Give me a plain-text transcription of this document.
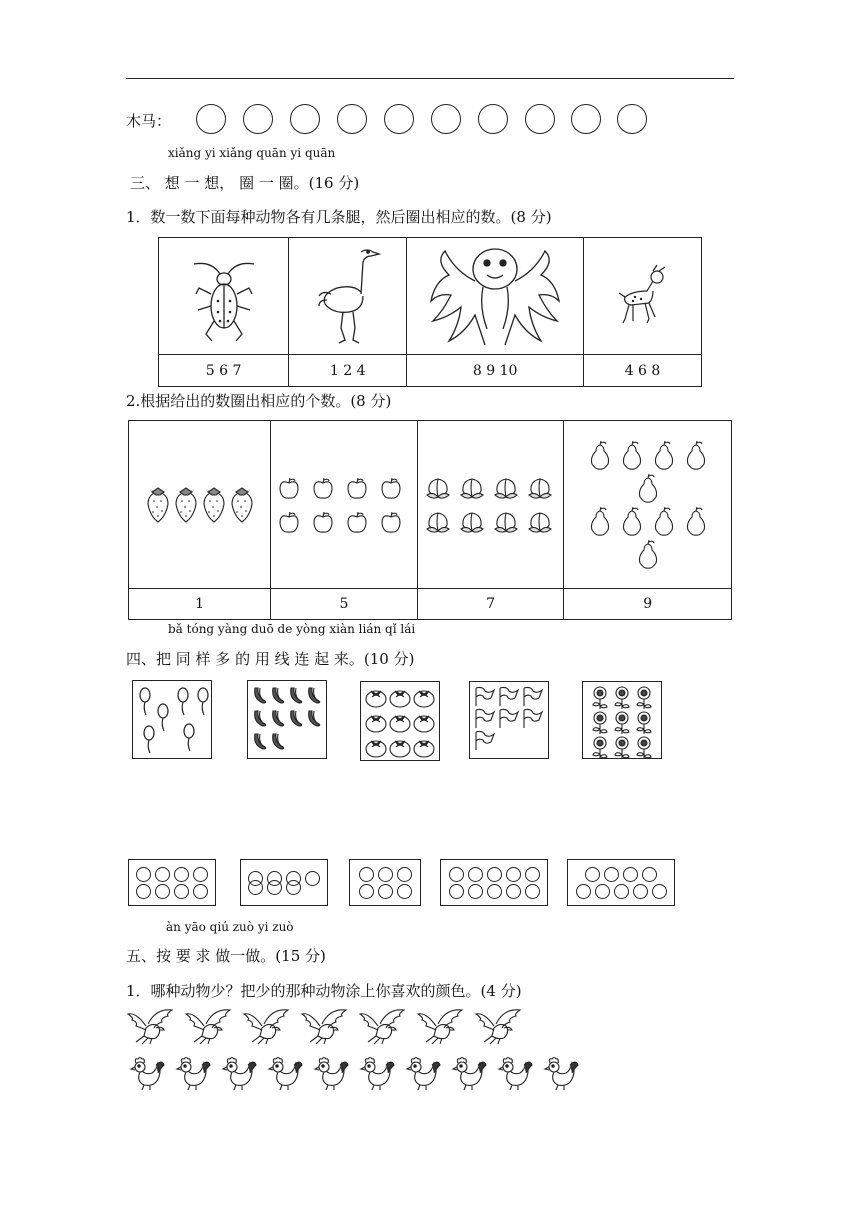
木马：
xiǎng yi xiǎng quān yi quān
三、 想 一 想， 圈 一 圈。(16 分)
1．数一数下面每种动物各有几条腿，然后圈出相应的数。(8 分)

5 6 7	1 2 4	8 9 10	4 6 8
2.根据给出的数圈出相应的个数。(8 分)

1	5	7	9
bǎ tóng yàng duō de yòng xiàn lián qǐ lái
四、把 同 样 多 的 用 线 连 起 来。(10 分)
àn yāo qiú zuò yi zuò
五、按 要 求 做一做。(15 分)
1．哪种动物少？把少的那种动物涂上你喜欢的颜色。(4 分)
